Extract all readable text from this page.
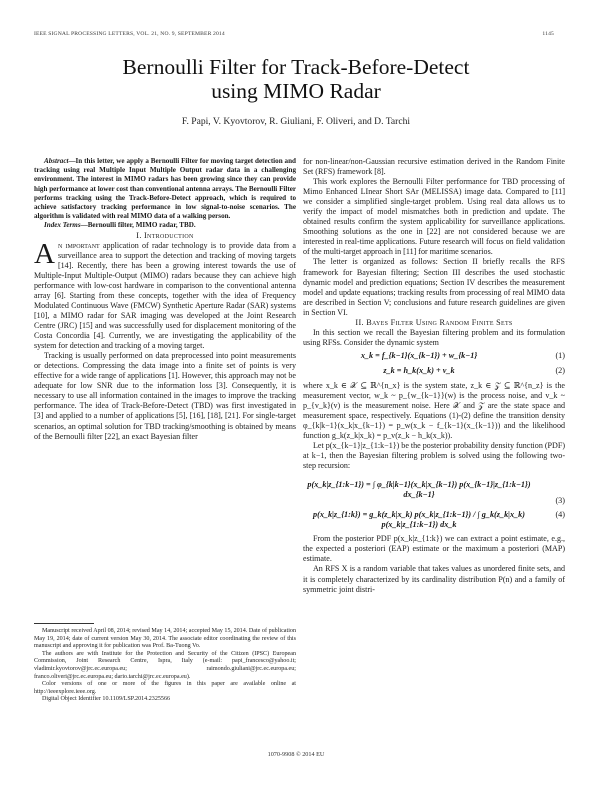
IEEE SIGNAL PROCESSING LETTERS, VOL. 21, NO. 9, SEPTEMBER 2014	1145
Bernoulli Filter for Track-Before-Detect
using MIMO Radar
F. Papi, V. Kyovtorov, R. Giuliani, F. Oliveri, and D. Tarchi

Abstract—In this letter, we apply a Bernoulli Filter for moving target detection and tracking using real Multiple Input Multiple Output radar data in a challenging environment. The interest in MIMO radars has been growing since they can provide high performance at lower cost than conventional antenna arrays. The Bernoulli Filter performs tracking using the Track-Before-Detect approach, which is required to achieve satisfactory tracking performance in low signal-to-noise scenarios. The algorithm is validated with real MIMO data of a walking person.

Index Terms—Bernoulli filter, MIMO radar, TBD.

I. Introduction

An important application of radar technology is to provide data from a surveillance area to support the detection and tracking of moving targets [14]. Recently, there has been a growing interest towards the use of Multiple-Input Multiple-Output (MIMO) radars because they can achieve high performance with low-cost hardware in comparison to the conventional antenna array [6]. Starting from these concepts, together with the idea of Frequency Modulated Continuous Wave (FMCW) Synthetic Aperture Radar (SAR) systems [10], a MIMO radar for SAR imaging was developed at the Joint Research Centre (JRC) [15] and was successfully used for displacement monitoring of the Costa Concordia [4]. Currently, we are investigating the applicability of the system for detection and tracking of a moving target.

Tracking is usually performed on data preprocessed into point measurements or detections. Compressing the data image into a finite set of points is very effective for a wide range of applications [1]. However, this approach may not be adequate for low SNR due to the information loss [3]. Consequently, it is necessary to use all information contained in the images to improve the tracking performance. The idea of Track-Before-Detect (TBD) was first investigated in [3] and applied to a number of applications [5], [16], [18], [21]. For single-target scenarios, an optimal solution for TBD tracking/smoothing is obtained by means of the Bernoulli filter [22], an exact Bayesian filter

Manuscript received April 08, 2014; revised May 14, 2014; accepted May 15, 2014. Date of publication May 19, 2014; date of current version May 30, 2014. The associate editor coordinating the review of this manuscript and approving it for publication was Prof. Ba-Tuong Vo.

The authors are with Institute for the Protection and Security of the Citizen (IPSC) European Commission, Joint Research Centre, Ispra, Italy (e-mail: papi_francesco@yahoo.it; vladimir.kyovtorov@jrc.ec.europa.eu; raimondo.giuliani@jrc.ec.europa.eu; franco.oliveri@jrc.ec.europa.eu; dario.tarchi@jrc.ec.europa.eu).

Color versions of one or more of the figures in this paper are available online at http://ieeexplore.ieee.org.

Digital Object Identifier 10.1109/LSP.2014.2325566

for non-linear/non-Gaussian recursive estimation derived in the Random Finite Set (RFS) framework [8].

This work explores the Bernoulli Filter performance for TBD processing of Mimo Enhanced LInear Short SAr (MELISSA) image data. Compared to [11] we consider a simplified single-target problem. Using real data allows us to verify the impact of model mismatches both in prediction and update. The obtained results confirm the system applicability for surveillance applications. Smoothing solutions as the one in [22] are not considered because we are interested in real-time applications. Future research will focus on field validation of the multi-target approach in [11] for maritime scenarios.

The letter is organized as follows: Section II briefly recalls the RFS framework for Bayesian filtering; Section III describes the used stochastic dynamic model and prediction equations; Section IV describes the measurement model and update equations; tracking results from processing of real MIMO data are described in Section V; conclusions and future research guidelines are given in Section VI.

II. Bayes Filter Using Random Finite Sets

In this section we recall the Bayesian filtering problem and its formulation using RFSs. Consider the dynamic system

x_k = f_{k−1}(x_{k−1}) + w_{k−1}	(1)
z_k = h_k(x_k) + v_k	(2)

where x_k ∈ 𝒳 ⊆ ℝ^{n_x} is the system state, z_k ∈ 𝒵 ⊆ ℝ^{n_z} is the measurement vector, w_k ~ p_{w_{k−1}}(w) is the process noise, and v_k ~ p_{v_k}(v) is the measurement noise. Here 𝒳 and 𝒵 are the state space and measurement space, respectively. Equations (1)-(2) define the transition density φ_{k|k−1}(x_k|x_{k−1}) = p_w(x_k − f_{k−1}(x_{k−1})) and the likelihood function g_k(z_k|x_k) = p_v(z_k − h_k(x_k)).

Let p(x_{k−1}|z_{1:k−1}) be the posterior probability density function (PDF) at k−1, then the Bayesian filtering problem is solved using the following two-step recursion:

p(x_k|z_{1:k−1}) = ∫ φ_{k|k−1}(x_k|x_{k−1}) p(x_{k−1}|z_{1:k−1}) dx_{k−1}
(3)
p(x_k|z_{1:k}) = g_k(z_k|x_k) p(x_k|z_{1:k−1}) / ∫ g_k(z_k|x_k) p(x_k|z_{1:k−1}) dx_k
(4)

From the posterior PDF p(x_k|z_{1:k}) we can extract a point estimate, e.g., the expected a posteriori (EAP) estimate or the maximum a posteriori (MAP) estimate.

An RFS X is a random variable that takes values as unordered finite sets, and it is completely characterized by its cardinality distribution P(n) and a family of symmetric joint distri-

1070-9908 © 2014 EU
